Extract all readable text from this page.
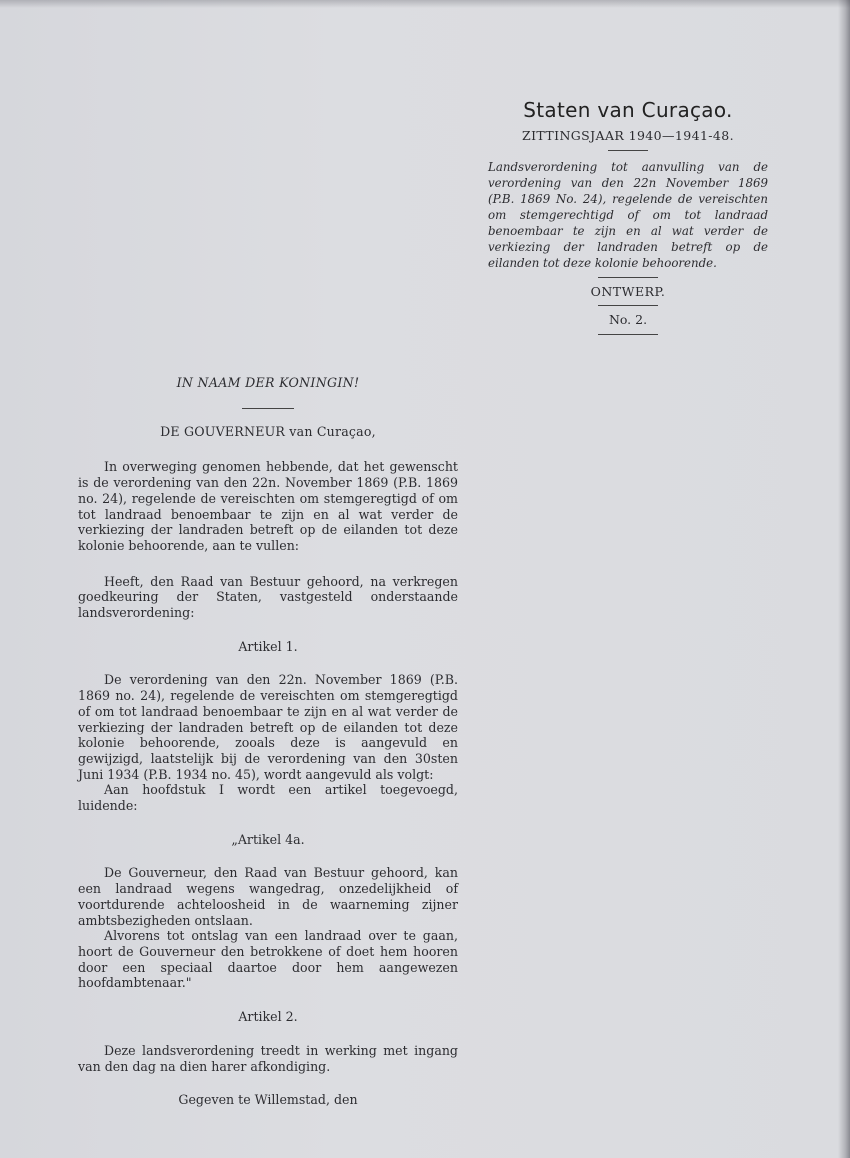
Staten van Curaçao.
ZITTINGSJAAR 1940—1941-48.
Landsverordening tot aanvulling van de verordening van den 22n November 1869 (P.B. 1869 No. 24), regelende de vereischten om stemgerechtigd of om tot landraad benoembaar te zijn en al wat verder de verkiezing der landraden betreft op de eilanden tot deze kolonie behoorende.
ONTWERP.
No. 2.
IN NAAM DER KONINGIN!
DE GOUVERNEUR van Curaçao,

In overweging genomen hebbende, dat het gewenscht is de verordening van den 22n. November 1869 (P.B. 1869 no. 24), regelende de vereischten om stemgeregtigd of om tot landraad benoembaar te zijn en al wat verder de verkiezing der landraden betreft op de eilanden tot deze kolonie behoorende, aan te vullen:

Heeft, den Raad van Bestuur gehoord, na verkregen goedkeuring der Staten, vastgesteld onderstaande landsverordening:

Artikel 1.

De verordening van den 22n. November 1869 (P.B. 1869 no. 24), regelende de vereischten om stemgeregtigd of om tot landraad benoembaar te zijn en al wat verder de verkiezing der landraden betreft op de eilanden tot deze kolonie behoorende, zooals deze is aangevuld en gewijzigd, laatstelijk bij de verordening van den 30sten Juni 1934 (P.B. 1934 no. 45), wordt aangevuld als volgt:

Aan hoofdstuk I wordt een artikel toegevoegd, luidende:

„Artikel 4a.

De Gouverneur, den Raad van Bestuur gehoord, kan een landraad wegens wangedrag, onzedelijkheid of voortdurende achteloosheid in de waarneming zijner ambtsbezigheden ontslaan.

Alvorens tot ontslag van een landraad over te gaan, hoort de Gouverneur den betrokkene of doet hem hooren door een speciaal daartoe door hem aangewezen hoofdambtenaar."

Artikel 2.

Deze landsverordening treedt in werking met ingang van den dag na dien harer afkondiging.

Gegeven te Willemstad, den
